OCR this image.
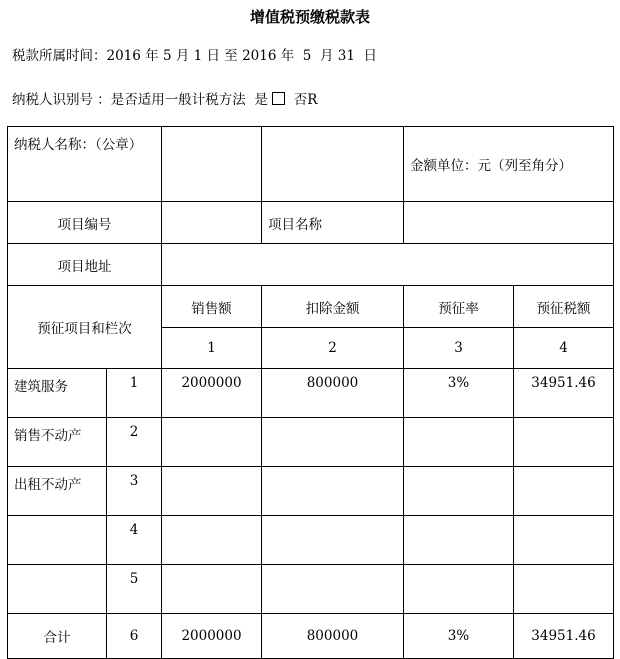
增值税预缴税款表
税款所属时间：2016 年 5 月 1 日 至 2016 年  5  月 31  日
纳税人识别号 ：是否适用一般计税方法  是 否R
纳税人名称：（公章）				金额单位：元（列至角分）	
项目编号			项目名称		
项目地址					
预征项目和栏次		销售额	扣除金额	预征率	预征税额
		1	2	3	4
建筑服务	1	2000000	800000	3%	34951.46
销售不动产	2				
出租不动产	3				
	4				
	5				
合计	6	2000000	800000	3%	34951.46
